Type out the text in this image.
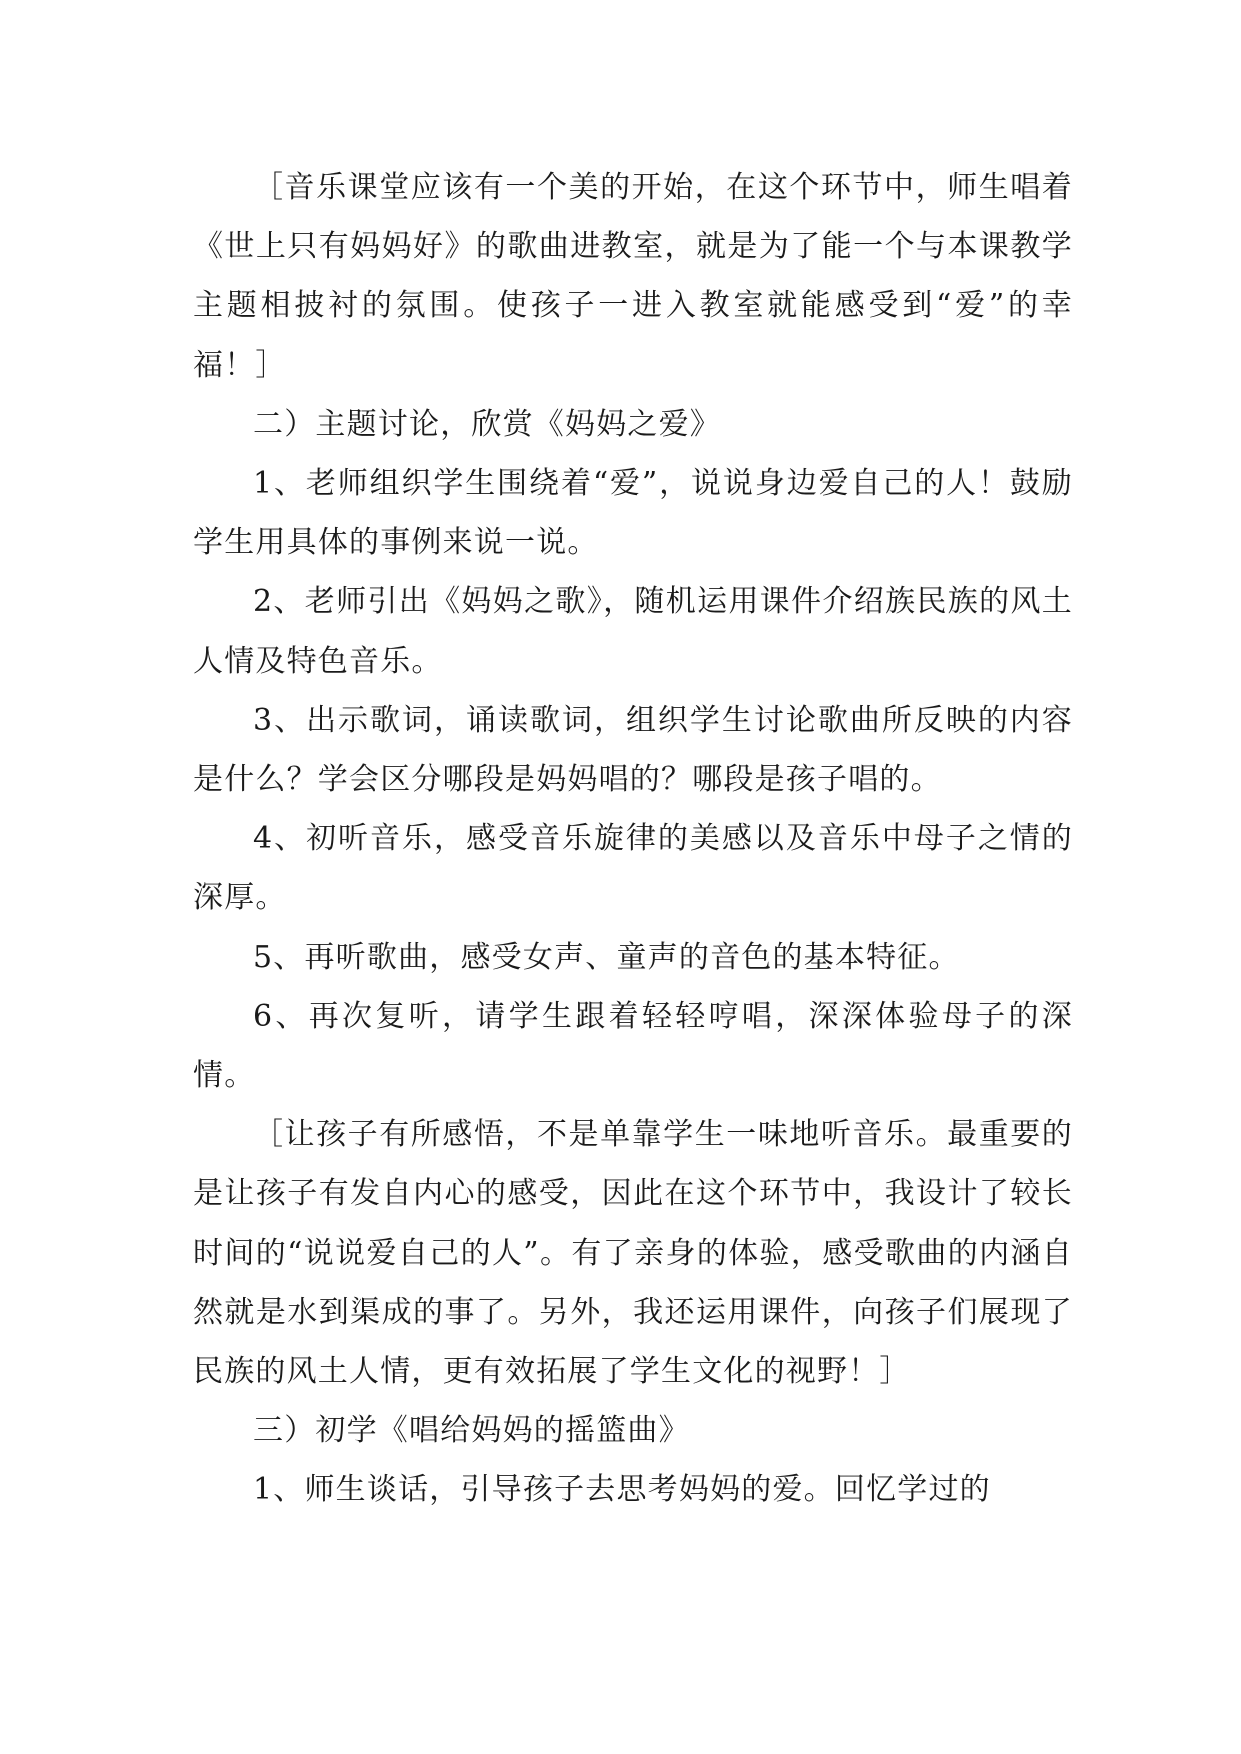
［音乐课堂应该有一个美的开始，在这个环节中，师生唱着《世上只有妈妈好》的歌曲进教室，就是为了能一个与本课教学主题相披衬的氛围。使孩子一进入教室就能感受到“爱”的幸福！］

二）主题讨论，欣赏《妈妈之爱》

1、老师组织学生围绕着“爱”，说说身边爱自己的人！鼓励学生用具体的事例来说一说。

2、老师引出《妈妈之歌》，随机运用课件介绍族民族的风土人情及特色音乐。

3、出示歌词，诵读歌词，组织学生讨论歌曲所反映的内容是什么？学会区分哪段是妈妈唱的？哪段是孩子唱的。

4、初听音乐，感受音乐旋律的美感以及音乐中母子之情的深厚。

5、再听歌曲，感受女声、童声的音色的基本特征。

6、再次复听，请学生跟着轻轻哼唱，深深体验母子的深情。

［让孩子有所感悟，不是单靠学生一味地听音乐。最重要的是让孩子有发自内心的感受，因此在这个环节中，我设计了较长时间的“说说爱自己的人”。有了亲身的体验，感受歌曲的内涵自然就是水到渠成的事了。另外，我还运用课件，向孩子们展现了民族的风土人情，更有效拓展了学生文化的视野！］

三）初学《唱给妈妈的摇篮曲》

1、师生谈话，引导孩子去思考妈妈的爱。回忆学过的
